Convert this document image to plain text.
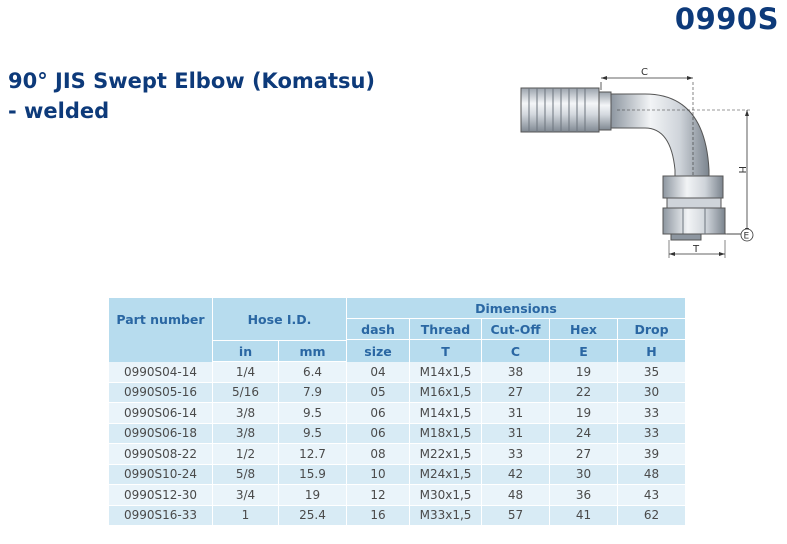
0990S
90° JIS Swept Elbow (Komatsu)
- welded
C
H
T
E
Part number	Hose I.D.		Dimensions				
			dash	Thread	Cut-Off	Hex	Drop
	in	mm	size	T	C	E	H
0990S04-14	1/4	6.4	04	M14x1,5	38	19	35
0990S05-16	5/16	7.9	05	M16x1,5	27	22	30
0990S06-14	3/8	9.5	06	M14x1,5	31	19	33
0990S06-18	3/8	9.5	06	M18x1,5	31	24	33
0990S08-22	1/2	12.7	08	M22x1,5	33	27	39
0990S10-24	5/8	15.9	10	M24x1,5	42	30	48
0990S12-30	3/4	19	12	M30x1,5	48	36	43
0990S16-33	1	25.4	16	M33x1,5	57	41	62
